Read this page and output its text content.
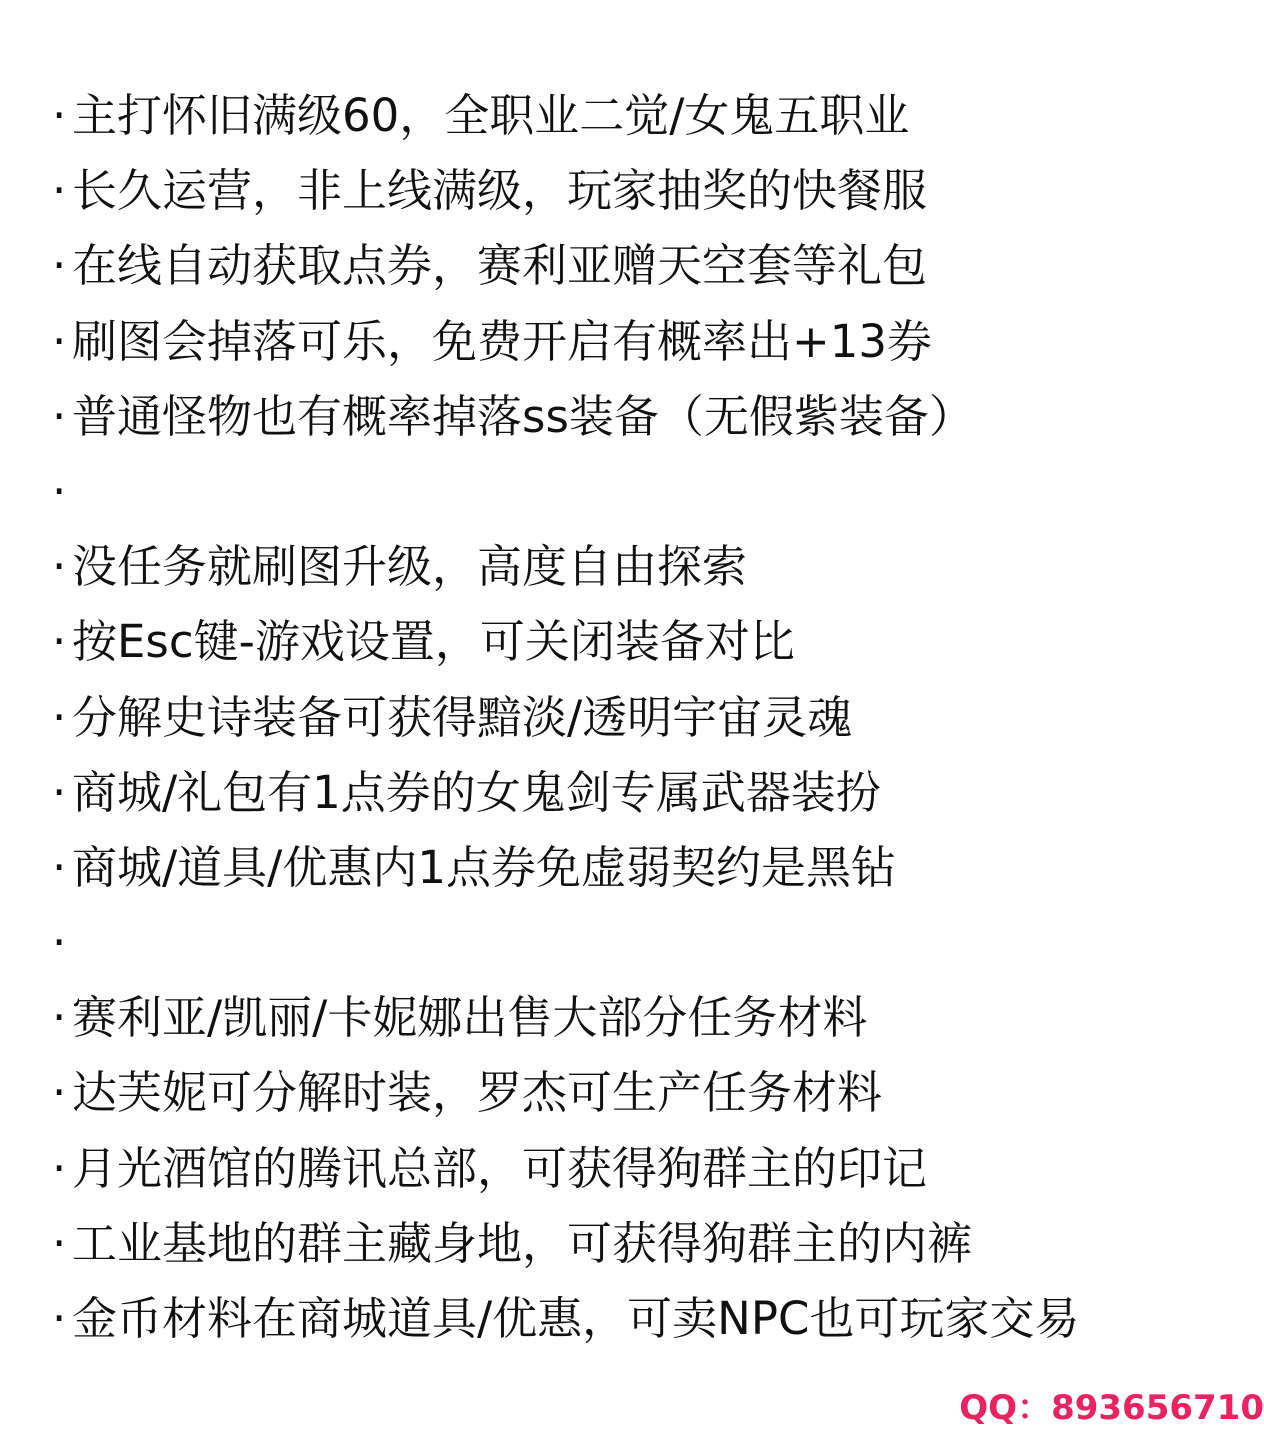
· 主打怀旧满级60，全职业二觉/女鬼五职业
· 长久运营，非上线满级，玩家抽奖的快餐服
· 在线自动获取点券，赛利亚赠天空套等礼包
· 刷图会掉落可乐，免费开启有概率出+13券
· 普通怪物也有概率掉落ss装备（无假紫装备）
·
· 没任务就刷图升级，高度自由探索
· 按Esc键-游戏设置，可关闭装备对比
· 分解史诗装备可获得黯淡/透明宇宙灵魂
· 商城/礼包有1点券的女鬼剑专属武器装扮
· 商城/道具/优惠内1点券免虚弱契约是黑钻
·
· 赛利亚/凯丽/卡妮娜出售大部分任务材料
· 达芙妮可分解时装，罗杰可生产任务材料
· 月光酒馆的腾讯总部，可获得狗群主的印记
· 工业基地的群主藏身地，可获得狗群主的内裤
· 金币材料在商城道具/优惠，可卖NPC也可玩家交易
QQ：893656710
